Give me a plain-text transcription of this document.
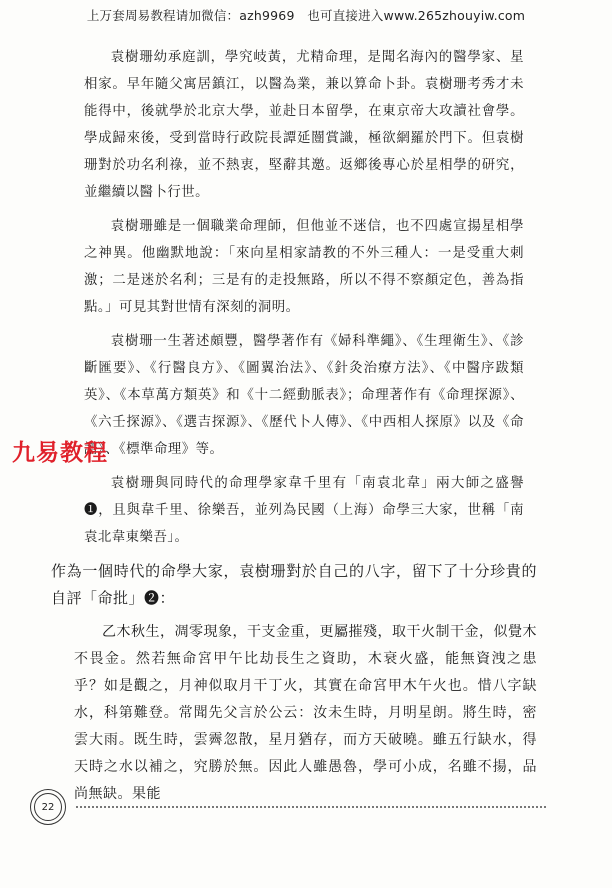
上万套周易教程请加微信：azh9969　也可直接进入www.265zhouyiw.com

袁樹珊幼承庭訓，學究岐黃，尤精命理，是聞名海內的醫學家、星相家。早年隨父寓居鎮江，以醫為業，兼以算命卜卦。袁樹珊考秀才未能得中，後就學於北京大學，並赴日本留學，在東京帝大攻讀社會學。學成歸來後，受到當時行政院長譚延闓賞識，極欲網羅於門下。但袁樹珊對於功名利祿，並不熱衷，堅辭其邀。返鄉後專心於星相學的研究，並繼續以醫卜行世。

袁樹珊雖是一個職業命理師，但他並不迷信，也不四處宣揚星相學之神異。他幽默地說：「來向星相家請教的不外三種人：一是受重大刺激；二是迷於名利；三是有的走投無路，所以不得不察顏定色，善為指點。」可見其對世情有深刻的洞明。

袁樹珊一生著述頗豐，醫學著作有《婦科準繩》、《生理衛生》、《診斷匯要》、《行醫良方》、《圖翼治法》、《針灸治療方法》、《中醫序跋類英》、《本草萬方類英》和《十二經動脈表》；命理著作有《命理探源》、《六壬探源》、《選吉探源》、《歷代卜人傳》、《中西相人探原》以及《命譜》、《標準命理》等。

袁樹珊與同時代的命理學家韋千里有「南袁北韋」兩大師之盛譽❶，且與韋千里、徐樂吾，並列為民國（上海）命學三大家，世稱「南袁北韋東樂吾」。

作為一個時代的命學大家，袁樹珊對於自己的八字，留下了十分珍貴的自評「命批」❷：

乙木秋生，凋零現象，干支金重，更屬摧殘，取干火制干金，似覺木不畏金。然若無命宮甲午比劫長生之資助，木衰火盛，能無資洩之患乎？如是觀之，月神似取月干丁火，其實在命宮甲木午火也。惜八字缺水，科第難登。常聞先父言於公云：汝未生時，月明星朗。將生時，密雲大雨。既生時，雲霽忽散，星月猶存，而方天破曉。雖五行缺水，得天時之水以補之，究勝於無。因此人雖愚魯，學可小成，名雖不揚，品尚無缺。果能

九易教程
22
